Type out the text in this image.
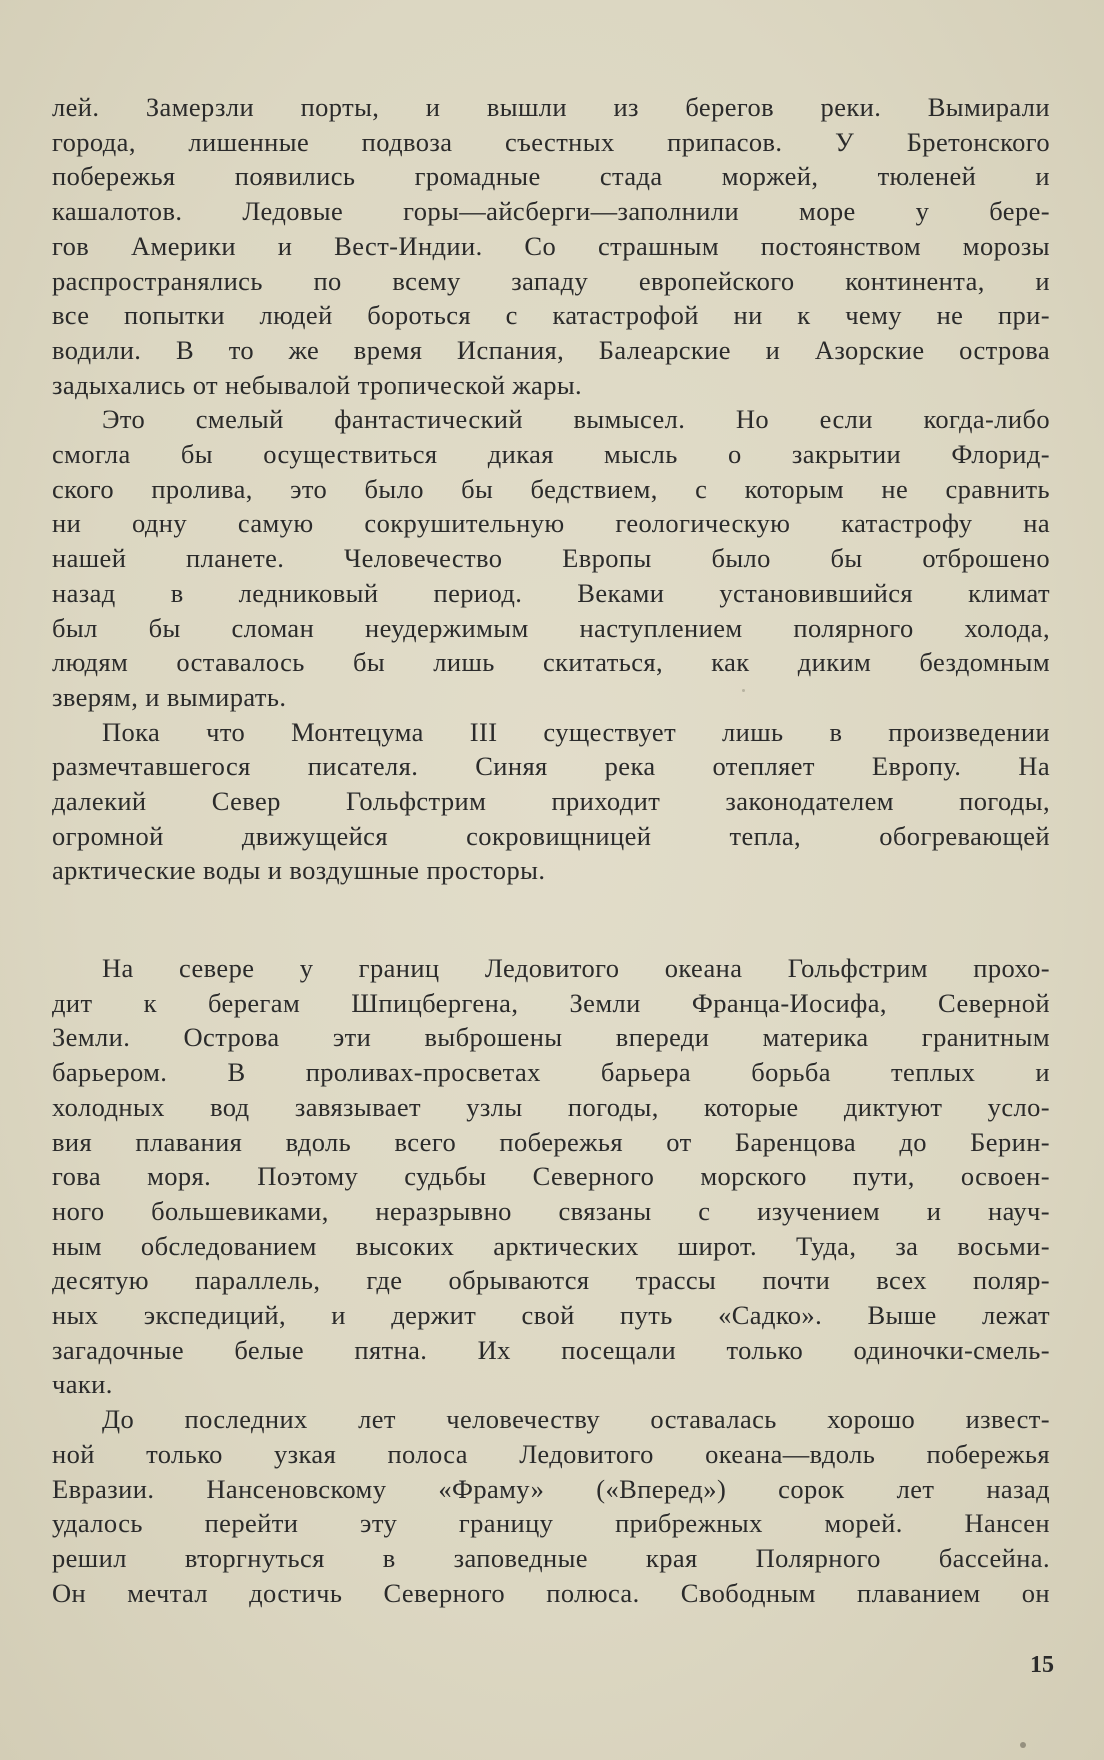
лей. Замерзли порты, и вышли из берегов реки. Вымирали
города, лишенные подвоза съестных припасов. У Бретонского
побережья появились громадные стада моржей, тюленей и
кашалотов. Ледовые горы—айсберги—заполнили море у бере-
гов Америки и Вест-Индии. Со страшным постоянством морозы
распространялись по всему западу европейского континента, и
все попытки людей бороться с катастрофой ни к чему не при-
водили. В то же время Испания, Балеарские и Азорские острова
задыхались от небывалой тропической жары.
Это смелый фантастический вымысел. Но если когда-либо
смогла бы осуществиться дикая мысль о закрытии Флорид-
ского пролива, это было бы бедствием, с которым не сравнить
ни одну самую сокрушительную геологическую катастрофу на
нашей планете. Человечество Европы было бы отброшено
назад в ледниковый период. Веками установившийся климат
был бы сломан неудержимым наступлением полярного холода,
людям оставалось бы лишь скитаться, как диким бездомным
зверям, и вымирать.
Пока что Монтецума III существует лишь в произведении
размечтавшегося писателя. Синяя река отепляет Европу. На
далекий Север Гольфстрим приходит законодателем погоды,
огромной движущейся сокровищницей тепла, обогревающей
арктические воды и воздушные просторы.
На севере у границ Ледовитого океана Гольфстрим прохо-
дит к берегам Шпицбергена, Земли Франца-Иосифа, Северной
Земли. Острова эти выброшены впереди материка гранитным
барьером. В проливах-просветах барьера борьба теплых и
холодных вод завязывает узлы погоды, которые диктуют усло-
вия плавания вдоль всего побережья от Баренцова до Берин-
гова моря. Поэтому судьбы Северного морского пути, освоен-
ного большевиками, неразрывно связаны с изучением и науч-
ным обследованием высоких арктических широт. Туда, за восьми-
десятую параллель, где обрываются трассы почти всех поляр-
ных экспедиций, и держит свой путь «Садко». Выше лежат
загадочные белые пятна. Их посещали только одиночки-смель-
чаки.
До последних лет человечеству оставалась хорошо извест-
ной только узкая полоса Ледовитого океана—вдоль побережья
Евразии. Нансеновскому «Фраму» («Вперед») сорок лет назад
удалось перейти эту границу прибрежных морей. Нансен
решил вторгнуться в заповедные края Полярного бассейна.
Он мечтал достичь Северного полюса. Свободным плаванием он
15
